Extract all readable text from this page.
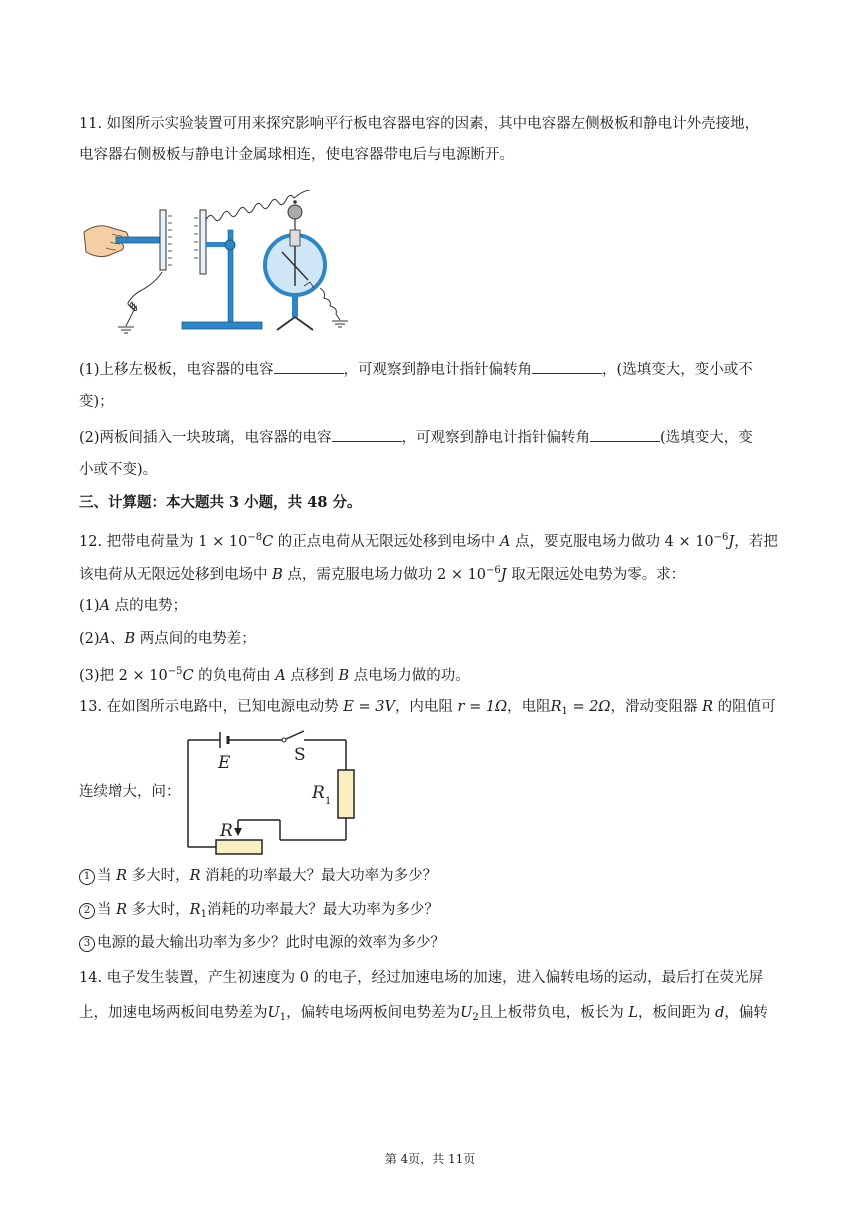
11. 如图所示实验装置可用来探究影响平行板电容器电容的因素，其中电容器左侧极板和静电计外壳接地，
电容器右侧极板与静电计金属球相连，使电容器带电后与电源断开。
(1)上移左极板，电容器的电容	，可观察到静电计指针偏转角	，(选填变大，变小或不
变)；
(2)两板间插入一块玻璃，电容器的电容	，可观察到静电计指针偏转角	(选填变大，变
小或不变)。
三、计算题：本大题共 3 小题，共 48 分。
12. 把带电荷量为 $1 \times 10^{-8}C$ 的正点电荷从无限远处移到电场中 A 点，要克服电场力做功 $4 \times 10^{-6}J$，若把
该电荷从无限远处移到电场中 B 点，需克服电场力做功 $2 \times 10^{-6}J$ 取无限远处电势为零。求：
(1)A 点的电势；
(2)A、B 两点间的电势差；
(3)把 $2 \times 10^{-5}C$ 的负电荷由 A 点移到 B 点电场力做的功。
13. 在如图所示电路中，已知电源电动势 E = 3V，内电阻 r = 1Ω，电阻$R_1 = 2\Omega$，滑动变阻器 R 的阻值可
连续增大，问：
E	S
R 1
R
1 当 R 多大时，R 消耗的功率最大？最大功率为多少？
2 当 R 多大时，$R_1$消耗的功率最大？最大功率为多少？
3 电源的最大输出功率为多少？此时电源的效率为多少？
14. 电子发生装置，产生初速度为 0 的电子，经过加速电场的加速，进入偏转电场的运动，最后打在荧光屏
上，加速电场两板间电势差为$U_1$，偏转电场两板间电势差为$U_2$且上板带负电，板长为 L，板间距为 d，偏转
第 4页，共 11页
